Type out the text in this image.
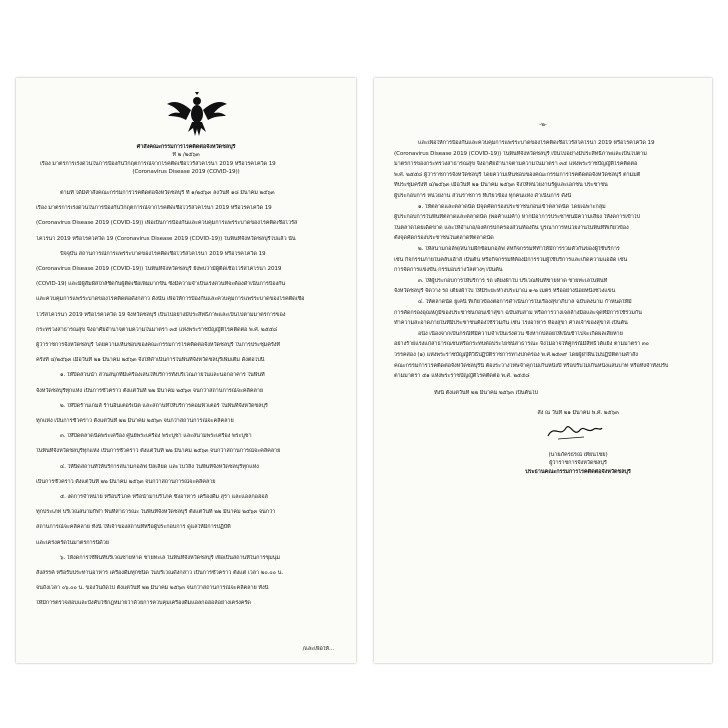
คำสั่งคณะกรรมการโรคติดต่อจังหวัดชลบุรี
ที่ ๒ /๒๕๖๓
เรื่อง มาตรการเร่งด่วนในการป้องกันวิกฤตการณ์จากโรคติดเชื้อไวรัสโคโรนา 2019 หรือโรคโควิด 19
(Coronavirus Disease 2019 (COVID-19))
ตามที่ ได้มีคำสั่งคณะกรรมการโรคติดต่อจังหวัดชลบุรี ที่ ๑/๒๕๖๓ ลงวันที่ ๑๘ มีนาคม ๒๕๖๓
เรื่อง มาตรการเร่งด่วนในการป้องกันวิกฤตการณ์จากโรคติดเชื้อไวรัสโคโรนา 2019 หรือโรคโควิด 19
(Coronavirus Disease 2019 (COVID-19)) เพื่อเป็นการป้องกันและควบคุมการแพร่ระบาดของโรคติดเชื้อไวรัส
โคโรนา 2019 หรือโรคโควิด 19 (Coronavirus Disease 2019 (COVID-19)) ในพื้นที่จังหวัดชลบุรีไปแล้ว นั้น
ปัจจุบัน สถานการณ์การแพร่ระบาดของโรคติดเชื้อไวรัสโคโรนา 2019 หรือโรคโควิด 19
(Coronavirus Disease 2019 (COVID-19)) ในพื้นที่จังหวัดชลบุรี ยังพบว่ามีผู้ติดเชื้อไวรัสโคโรนา 2019
(COVID-19) และมีผู้สัมผัสใกล้ชิดกับผู้ติดเชื้อเพิ่มมากขึ้น ซึ่งมีความจำเป็นเร่งด่วนที่จะต้องดำเนินการป้องกัน
และควบคุมการแพร่ระบาดของโรคติดต่อดังกล่าว ดังนั้น เพื่อให้การป้องกันและควบคุมการแพร่ระบาดของโรคติดเชื้อ
ไวรัสโคโรนา 2019 หรือโรคโควิด 19 จังหวัดชลบุรี เป็นไปอย่างมีประสิทธิภาพและเป็นไปตามมาตรการของ
กระทรวงสาธารณสุข จึงอาศัยอำนาจตามความในมาตรา ๓๕ แห่งพระราชบัญญัติโรคติดต่อ พ.ศ. ๒๕๕๘
ผู้ว่าราชการจังหวัดชลบุรี โดยความเห็นชอบของคณะกรรมการโรคติดต่อจังหวัดชลบุรี ในการประชุมครั้งที่
ครั้งที่ ๔/๒๕๖๓ เมื่อวันที่ ๒๑ มีนาคม ๒๕๖๓ จึงให้ดำเนินการในพื้นที่จังหวัดชลบุรีเพิ่มเติม ดังต่อไปนี้
๑. ให้ปิดสวนน้ำ สวนสนุกที่มีเครื่องเล่นให้บริการทั้งบริเวณภายในและนอกอาคาร ในพื้นที่
จังหวัดชลบุรีทุกแห่ง เป็นการชั่วคราว ตั้งแต่วันที่ ๒๒ มีนาคม ๒๕๖๓ จนกว่าสถานการณ์จะคลี่คลาย
๒. ให้ปิดร้านเกมส์ ร้านอินเตอร์เน็ต และสถานที่ให้บริการคอมพิวเตอร์ ในพื้นที่จังหวัดชลบุรี
ทุกแห่ง เป็นการชั่วคราว ตั้งแต่วันที่ ๒๒ มีนาคม ๒๕๖๓ จนกว่าสถานการณ์จะคลี่คลาย
๓. ให้ปิดตลาดนัดพระเครื่อง ศูนย์พระเครื่อง พระบูชา และสนามพระเครื่อง พระบูชา
ในพื้นที่จังหวัดชลบุรีทุกแห่ง เป็นการชั่วคราว ตั้งแต่วันที่ ๒๒ มีนาคม ๒๕๖๓ จนกว่าสถานการณ์จะคลี่คลาย
๔. ให้ปิดสถานที่ให้บริการสนามกอล์ฟ บิลเลียด และโบว์ลิ่ง ในพื้นที่จังหวัดชลบุรีทุกแห่ง
เป็นการชั่วคราว ตั้งแต่วันที่ ๒๒ มีนาคม ๒๕๖๓ จนกว่าสถานการณ์จะคลี่คลาย
๕. งดการจำหน่าย หรือบริโภค หรือนำมาบริโภค ซึ่งอาหาร เครื่องดื่ม สุรา และแอลกอฮอล์
ทุกประเภท บริเวณสนามกีฬา พื้นที่สาธารณะ ในพื้นที่จังหวัดชลบุรี ตั้งแต่วันที่ ๒๒ มีนาคม ๒๕๖๓ จนกว่า
สถานการณ์จะคลี่คลาย ทั้งนี้ ให้เจ้าของสถานที่หรือผู้ประกอบการ ดูแลให้มีการปฏิบัติ
และเคร่งครัดในมาตรการนี้ด้วย
๖. ให้งดการใช้พื้นที่บริเวณชายหาด ชายทะเล ในพื้นที่จังหวัดชลบุรี เพื่อเป็นสถานที่ในการชุมนุม
สังสรรค์ หรือรับประทานอาหาร เครื่องดื่มทุกชนิด ในบริเวณดังกล่าว เป็นการชั่วคราว ตั้งแต่ เวลา ๒๐.๐๐ น.
จนถึงเวลา ๐๖.๐๐ น. ของวันถัดไป ตั้งแต่วันที่ ๒๒ มีนาคม ๒๕๖๓ จนกว่าสถานการณ์จะคลี่คลาย ทั้งนี้
ให้มีการตรวจสอบและบังคับใช้กฎหมายว่าด้วยการควบคุมเครื่องดื่มแอลกอฮอล์อย่างเคร่งครัด
/และเพื่อให้...
-๒-
และเพื่อให้การป้องกันและควบคุมการแพร่ระบาดของโรคติดเชื้อไวรัสโคโรนา 2019 หรือโรคโควิด 19
(Coronavirus Disease 2019 (COVID-19)) ในพื้นที่จังหวัดชลบุรี เป็นไปอย่างมีประสิทธิภาพและเป็นไปตาม
มาตรการของกระทรวงสาธารณสุข จึงอาศัยอำนาจตามความในมาตรา ๓๕ แห่งพระราชบัญญัติโรคติดต่อ
พ.ศ. ๒๕๕๘ ผู้ว่าราชการจังหวัดชลบุรี โดยความเห็นชอบของคณะกรรมการโรคติดต่อจังหวัดชลบุรี ตามมติ
ที่ประชุมครั้งที่ ๔/๒๕๖๓ เมื่อวันที่ ๒๑ มีนาคม ๒๕๖๓ จึงให้หน่วยงานรัฐและเอกชน ประชาชน
ผู้ประกอบการ หน่วยงาน ส่วนราชการ ที่เกี่ยวข้อง ทุกคนแห่ง ดำเนินการ ดังนี้
๑. ให้ตลาดและตลาดนัด มีจุดคัดกรองประชาชนก่อนเข้าตลาดนัด โดยเฉพาะกลุ่ม
ผู้ประกอบการในพื้นที่ตลาดและตลาดนัด (พ่อค้าแม่ค้า) หากมีอาการประชาชนมีความเสี่ยง ให้งดการเข้าไป
ในตลาดโดยเด็ดขาด และให้อำเภอ/องค์กรปกครองส่วนท้องถิ่น บูรณาการหน่วยงานในพื้นที่ที่เกี่ยวข้อง
ตั้งจุดคัดกรองประชาชนในตลาดที่ตลาดนัด
๒. ให้สนามกอล์ฟ/สนามฝึกซ้อมกอล์ฟ สหกิจกรรมที่ทำให้มีการรวมตัวกันของผู้ใช้บริการ
เช่น กิจกรรมภายในคลับเฮ้าส์ เป็นต้น หรือกิจกรรมที่ต้องมีการรวมผู้ใช้บริการและเกิดความแออัด เช่น
การจัดการแข่งขัน กรรมอบรางวัลต่างๆ เป็นต้น
๓. ให้ผู้ประกอบการให้บริการ รถ เตียงผ้าใบ บริเวณพื้นที่ชายหาด ชายทะเลในพื้นที่
จังหวัดชลบุรี จัดวาง รถ เตียงผ้าใบ ให้มีระยะห่างประมาณ ๑-๒ เมตร หรืออย่างน้อยหนึ่งช่วงแขน
๔. ให้ตลาดนัด ยูเคนี ที่เกี่ยวข้องต่อการดำเนินการในเรื่องสุขาภิบาล ฉบับลงนาม กำหนดให้มี
การคัดกรองอุณหภูมิของประชาชนก่อนเข้าสุขา ฉบับสบสาม หรือการวางเจลล้างมือและจุดที่มีการใช้ร่วมกัน
ทำความสะอาดภายในที่มีประชาชนต้องใช้ร่วมกัน เช่น โรงอาหาร ห้องสุขา ศาลเจ้าของสุขาส เป็นต้น
อนึ่ง เนื่องจากเป็นกรณีที่มีความจำเป็นเร่งด่วน ซึ่งหากปล่อยให้เนิ่นช้าไปจะเกิดผลเสียหาย
อย่างร้ายแรงแก่สาธารณชนหรือกระทบต่อประโยชน์สาธารณะ จึงไม่อาจให้คู่กรณีมีสิทธิโต้แย้ง ตามมาตรา ๓๐
วรรคสอง (๑) แห่งพระราชบัญญัติวิธีปฏิบัติราชการทางปกครอง พ.ศ.๒๕๓๙ โดยผู้ฝ่าฝืนไม่ปฏิบัติตามคำสั่ง
คณะกรรมการโรคติดต่อจังหวัดชลบุรีนี้ ต้องระวางโทษจำคุกไม่เกินหนึ่งปี หรือปรับไม่เกินหนึ่งแสนบาท หรือทั้งจำทั้งปรับ
ตามมาตรา ๕๑ แห่งพระราชบัญญัติโรคติดต่อ พ.ศ. ๒๕๕๘
ทั้งนี้ ตั้งแต่วันที่ ๒๒ มีนาคม ๒๕๖๓ เป็นต้นไป
สั่ง ณ วันที่ ๒๑ มีนาคม พ.ศ. ๒๕๖๓
(นายภัครธรณ์ เทียนไชย)
ผู้ว่าราชการจังหวัดชลบุรี
ประธานคณะกรรมการโรคติดต่อจังหวัดชลบุรี
